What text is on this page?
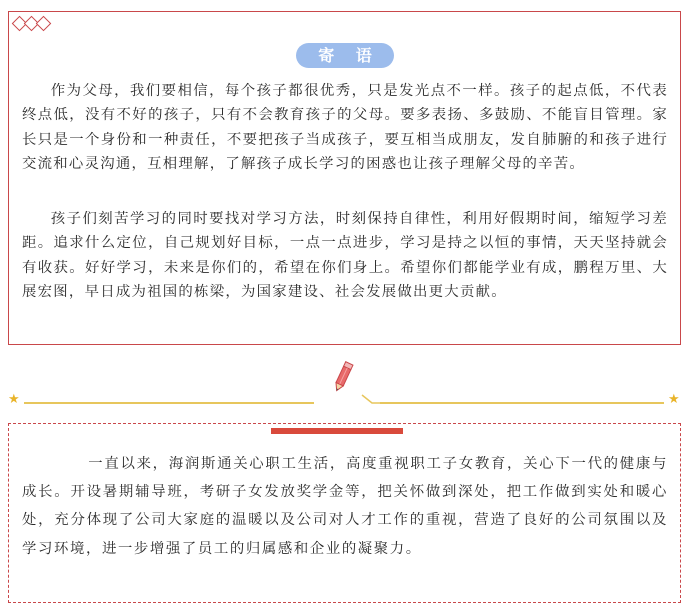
寄 语

作为父母，我们要相信，每个孩子都很优秀，只是发光点不一样。孩子的起点低，不代表终点低，没有不好的孩子，只有不会教育孩子的父母。要多表扬、多鼓励、不能盲目管理。家长只是一个身份和一种责任，不要把孩子当成孩子，要互相当成朋友，发自肺腑的和孩子进行交流和心灵沟通，互相理解，了解孩子成长学习的困惑也让孩子理解父母的辛苦。

孩子们刻苦学习的同时要找对学习方法，时刻保持自律性，利用好假期时间，缩短学习差距。追求什么定位，自己规划好目标，一点一点进步，学习是持之以恒的事情，天天坚持就会有收获。好好学习，未来是你们的，希望在你们身上。希望你们都能学业有成，鹏程万里、大展宏图，早日成为祖国的栋梁，为国家建设、社会发展做出更大贡献。

★	★

一直以来，海润斯通关心职工生活，高度重视职工子女教育，关心下一代的健康与成长。开设暑期辅导班，考研子女发放奖学金等，把关怀做到深处，把工作做到实处和暖心处，充分体现了公司大家庭的温暖以及公司对人才工作的重视，营造了良好的公司氛围以及学习环境，进一步增强了员工的归属感和企业的凝聚力。
